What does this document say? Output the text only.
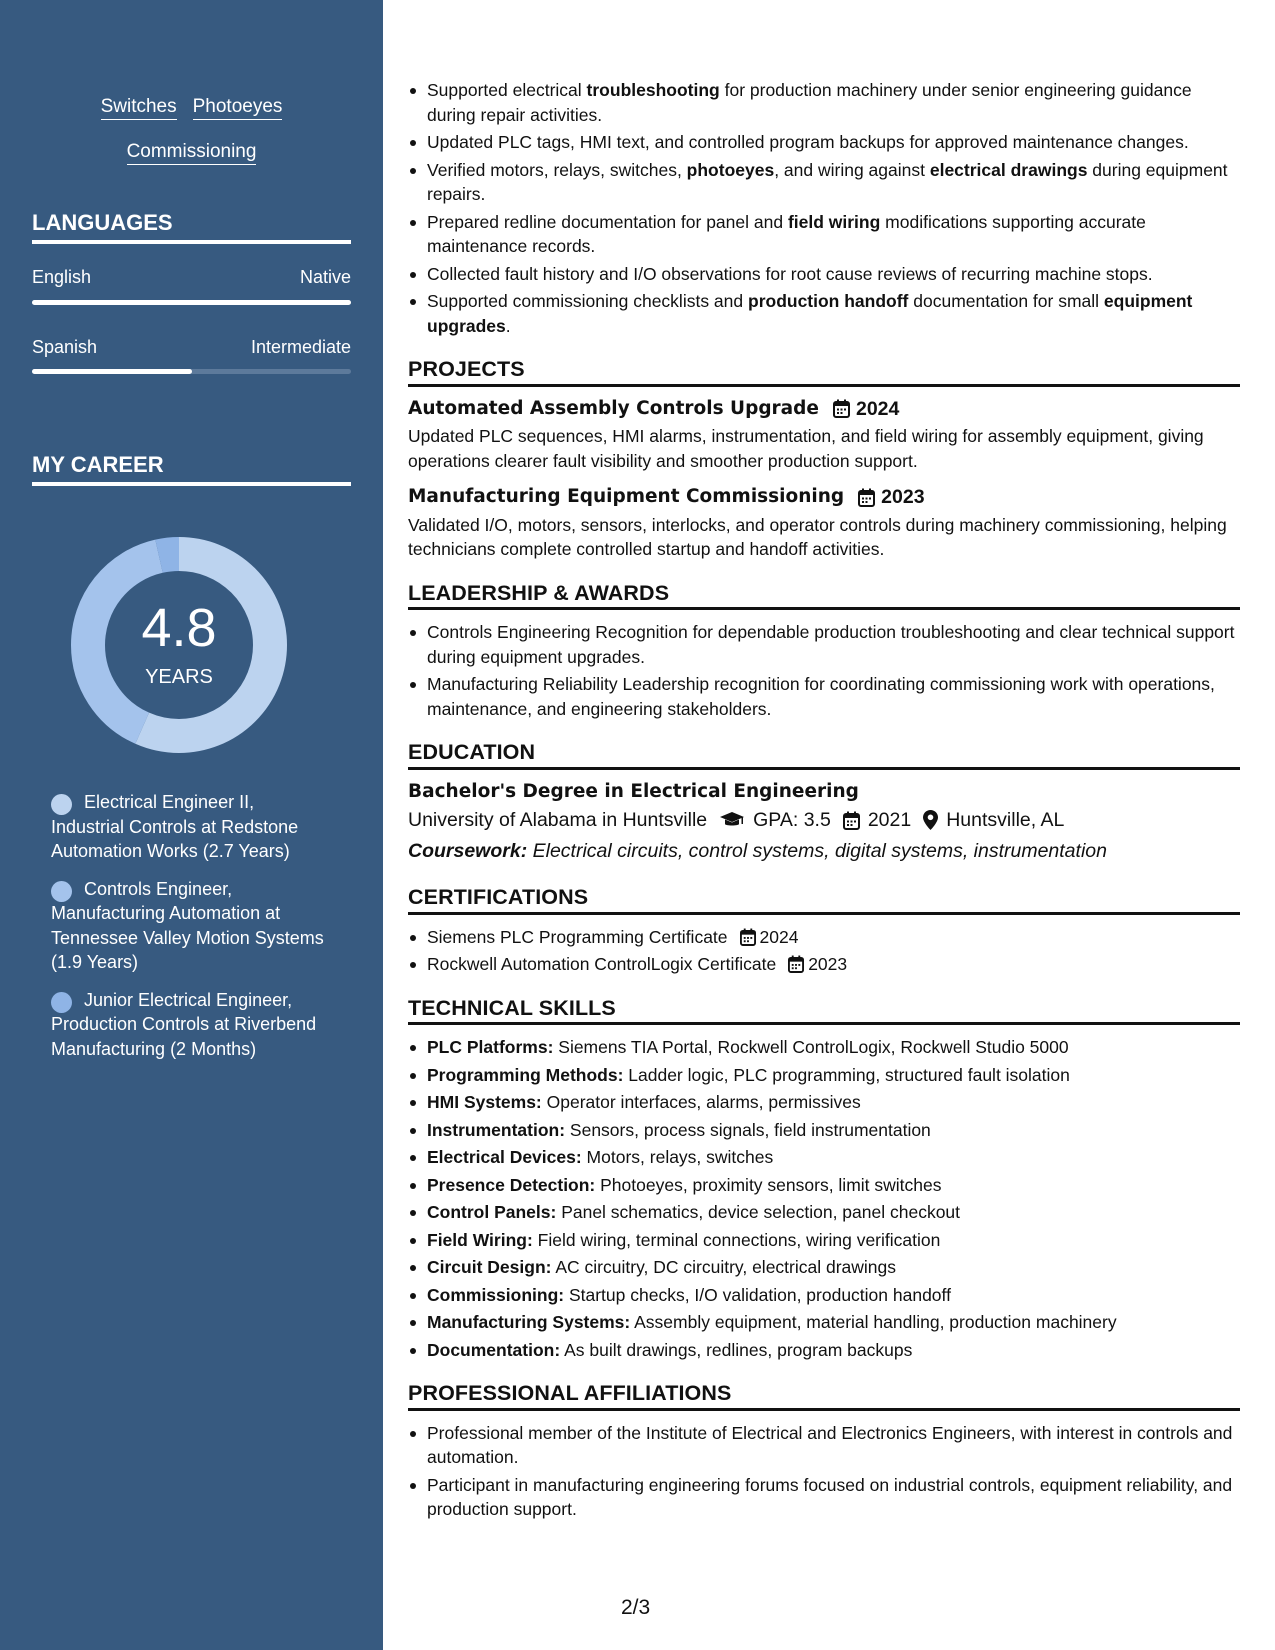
Switches Photoeyes
Commissioning
LANGUAGES
English	Native
Spanish	Intermediate
MY CAREER
4.8
YEARS
Electrical Engineer II, Industrial Controls at Redstone Automation Works (2.7 Years)
Controls Engineer, Manufacturing Automation at Tennessee Valley Motion Systems (1.9 Years)
Junior Electrical Engineer, Production Controls at Riverbend Manufacturing (2 Months)
Supported electrical troubleshooting for production machinery under senior engineering guidance during repair activities.
Updated PLC tags, HMI text, and controlled program backups for approved maintenance changes.
Verified motors, relays, switches, photoeyes, and wiring against electrical drawings during equipment repairs.
Prepared redline documentation for panel and field wiring modifications supporting accurate maintenance records.
Collected fault history and I/O observations for root cause reviews of recurring machine stops.
Supported commissioning checklists and production handoff documentation for small equipment upgrades.
PROJECTS
Automated Assembly Controls Upgrade 2024
Updated PLC sequences, HMI alarms, instrumentation, and field wiring for assembly equipment, giving operations clearer fault visibility and smoother production support.
Manufacturing Equipment Commissioning 2023
Validated I/O, motors, sensors, interlocks, and operator controls during machinery commissioning, helping technicians complete controlled startup and handoff activities.
LEADERSHIP & AWARDS
Controls Engineering Recognition for dependable production troubleshooting and clear technical support during equipment upgrades.
Manufacturing Reliability Leadership recognition for coordinating commissioning work with operations, maintenance, and engineering stakeholders.
EDUCATION
Bachelor's Degree in Electrical Engineering
University of Alabama in Huntsville GPA: 3.5 2021 Huntsville, AL
Coursework: Electrical circuits, control systems, digital systems, instrumentation
CERTIFICATIONS
Siemens PLC Programming Certificate 2024
Rockwell Automation ControlLogix Certificate 2023
TECHNICAL SKILLS
PLC Platforms: Siemens TIA Portal, Rockwell ControlLogix, Rockwell Studio 5000
Programming Methods: Ladder logic, PLC programming, structured fault isolation
HMI Systems: Operator interfaces, alarms, permissives
Instrumentation: Sensors, process signals, field instrumentation
Electrical Devices: Motors, relays, switches
Presence Detection: Photoeyes, proximity sensors, limit switches
Control Panels: Panel schematics, device selection, panel checkout
Field Wiring: Field wiring, terminal connections, wiring verification
Circuit Design: AC circuitry, DC circuitry, electrical drawings
Commissioning: Startup checks, I/O validation, production handoff
Manufacturing Systems: Assembly equipment, material handling, production machinery
Documentation: As built drawings, redlines, program backups
PROFESSIONAL AFFILIATIONS
Professional member of the Institute of Electrical and Electronics Engineers, with interest in controls and automation.
Participant in manufacturing engineering forums focused on industrial controls, equipment reliability, and production support.
2/3
